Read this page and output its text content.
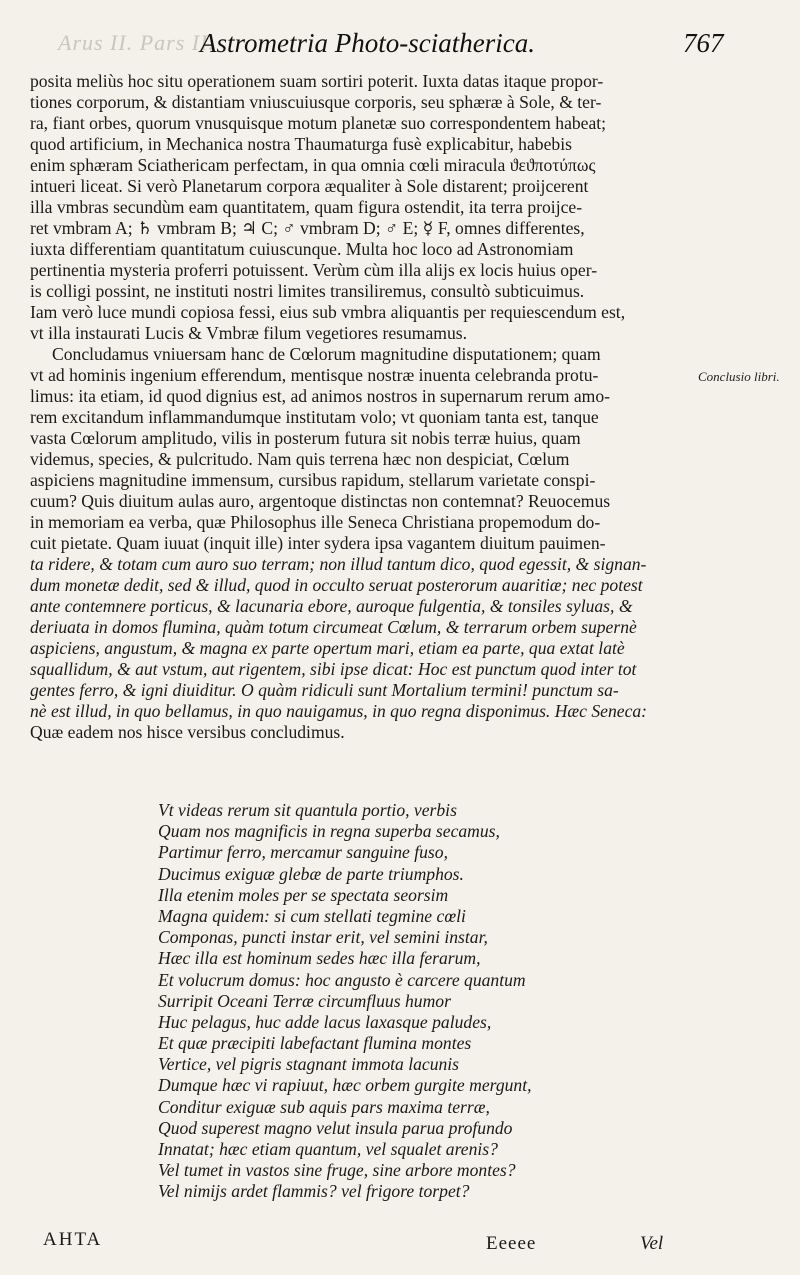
Arus II. Pars II.
Astrometria Photo-sciatherica.	767
posita meliùs hoc situ operationem suam sortiri poterit. Iuxta datas itaque propor-
tiones corporum, & distantiam vniuscuiusque corporis, seu sphæræ à Sole, & ter-
ra, fiant orbes, quorum vnusquisque motum planetæ suo correspondentem habeat;
quod artificium, in Mechanica nostra Thaumaturga fusè explicabitur, habebis
enim sphæram Sciathericam perfectam, in qua omnia cœli miracula ϑεϑποτύπως
intueri liceat. Si verò Planetarum corpora æqualiter à Sole distarent; proijcerent
illa vmbras secundùm eam quantitatem, quam figura ostendit, ita terra proijce-
ret vmbram A; ♄ vmbram B; ♃ C; ♂ vmbram D; ♂ E; ☿ F, omnes differentes,
iuxta differentiam quantitatum cuiuscunque. Multa hoc loco ad Astronomiam
pertinentia mysteria proferri potuissent. Verùm cùm illa alijs ex locis huius oper-
is colligi possint, ne instituti nostri limites transiliremus, consultò subticuimus.
Iam verò luce mundi copiosa fessi, eius sub vmbra aliquantis per requiescendum est,
vt illa instaurati Lucis & Vmbræ filum vegetiores resumamus.
Concludamus vniuersam hanc de Cœlorum magnitudine disputationem; quam
vt ad hominis ingenium efferendum, mentisque nostræ inuenta celebranda protu-
limus: ita etiam, id quod dignius est, ad animos nostros in supernarum rerum amo-
rem excitandum inflammandumque institutam volo; vt quoniam tanta est, tanque
vasta Cœlorum amplitudo, vilis in posterum futura sit nobis terræ huius, quam
videmus, species, & pulcritudo. Nam quis terrena hæc non despiciat, Cœlum
aspiciens magnitudine immensum, cursibus rapidum, stellarum varietate conspi-
cuum? Quis diuitum aulas auro, argentoque distinctas non contemnat? Reuocemus
in memoriam ea verba, quæ Philosophus ille Seneca Christiana propemodum do-
cuit pietate. Quam iuuat (inquit ille) inter sydera ipsa vagantem diuitum pauimen-
ta ridere, & totam cum auro suo terram; non illud tantum dico, quod egessit, & signan-
dum monetæ dedit, sed & illud, quod in occulto seruat posterorum auaritiæ; nec potest
ante contemnere porticus, & lacunaria ebore, auroque fulgentia, & tonsiles syluas, &
deriuata in domos flumina, quàm totum circumeat Cœlum, & terrarum orbem supernè
aspiciens, angustum, & magna ex parte opertum mari, etiam ea parte, qua extat latè
squallidum, & aut vstum, aut rigentem, sibi ipse dicat: Hoc est punctum quod inter tot
gentes ferro, & igni diuiditur. O quàm ridiculi sunt Mortalium termini! punctum sa-
nè est illud, in quo bellamus, in quo nauigamus, in quo regna disponimus. Hæc Seneca:
Quæ eadem nos hisce versibus concludimus.
Conclusio libri.
Vt videas rerum sit quantula portio, verbis
Quam nos magnificis in regna superba secamus,
Partimur ferro, mercamur sanguine fuso,
Ducimus exiguæ glebæ de parte triumphos.
Illa etenim moles per se spectata seorsim
Magna quidem: si cum stellati tegmine cœli
Componas, puncti instar erit, vel semini instar,
Hæc illa est hominum sedes hæc illa ferarum,
Et volucrum domus: hoc angusto è carcere quantum
Surripit Oceani Terræ circumfluus humor
Huc pelagus, huc adde lacus laxasque paludes,
Et quæ præcipiti labefactant flumina montes
Vertice, vel pigris stagnant immota lacunis
Dumque hæc vi rapiuut, hæc orbem gurgite mergunt,
Conditur exiguæ sub aquis pars maxima terræ,
Quod superest magno velut insula parua profundo
Innatat; hæc etiam quantum, vel squalet arenis?
Vel tumet in vastos sine fruge, sine arbore montes?
Vel nimijs ardet flammis? vel frigore torpet?
AHTA	Eeeee	Vel
